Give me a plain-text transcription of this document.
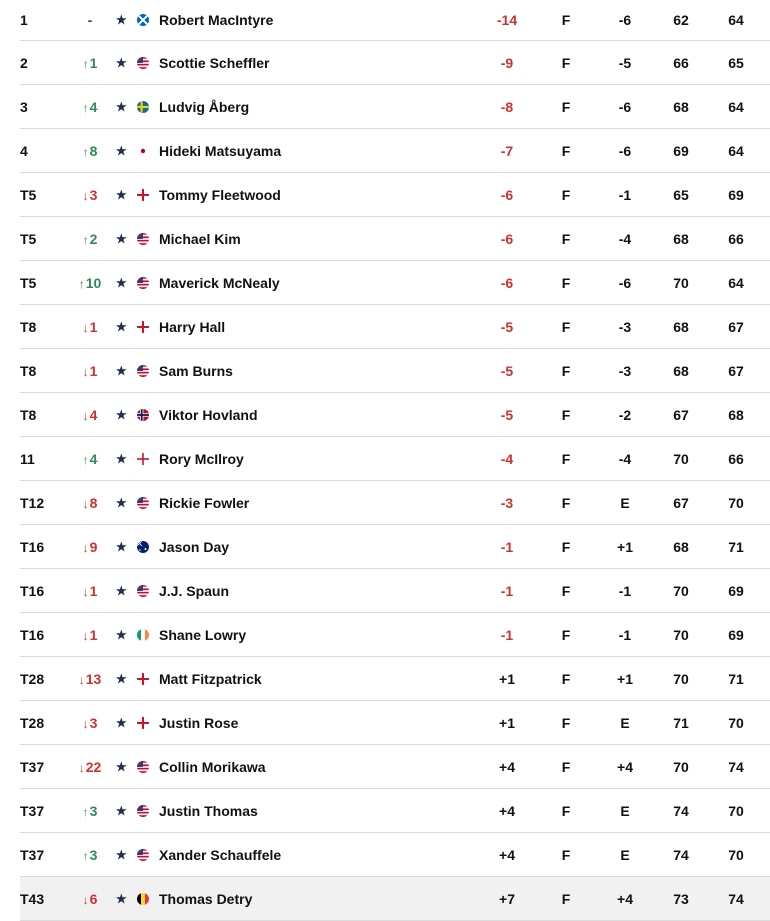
1	-	★ Robert MacIntyre	-14	F	-6	62	64
2	↑1	★ Scottie Scheffler	-9	F	-5	66	65
3	↑4	★ Ludvig Åberg	-8	F	-6	68	64
4	↑8	★ Hideki Matsuyama	-7	F	-6	69	64
T5	↓3	★ Tommy Fleetwood	-6	F	-1	65	69
T5	↑2	★ Michael Kim	-6	F	-4	68	66
T5	↑10 ★ Maverick McNealy	-6	F	-6	70	64
T8	↓1	★ Harry Hall	-5	F	-3	68	67
T8	↓1	★ Sam Burns	-5	F	-3	68	67
T8	↓4	★ Viktor Hovland	-5	F	-2	67	68
11	↑4	★ Rory McIlroy	-4	F	-4	70	66
T12	↓8	★ Rickie Fowler	-3	F	E	67	70
T16	↓9	★ Jason Day	-1	F	+1	68	71
T16	↓1	★ J.J. Spaun	-1	F	-1	70	69
T16	↓1	★ Shane Lowry	-1	F	-1	70	69
T28	↓13 ★ Matt Fitzpatrick	+1	F	+1	70	71
T28	↓3	★ Justin Rose	+1	F	E	71	70
T37	↓22 ★ Collin Morikawa	+4	F	+4	70	74
T37	↑3	★ Justin Thomas	+4	F	E	74	70
T37	↑3	★ Xander Schauffele	+4	F	E	74	70
T43	↓6	★ Thomas Detry	+7	F	+4	73	74
